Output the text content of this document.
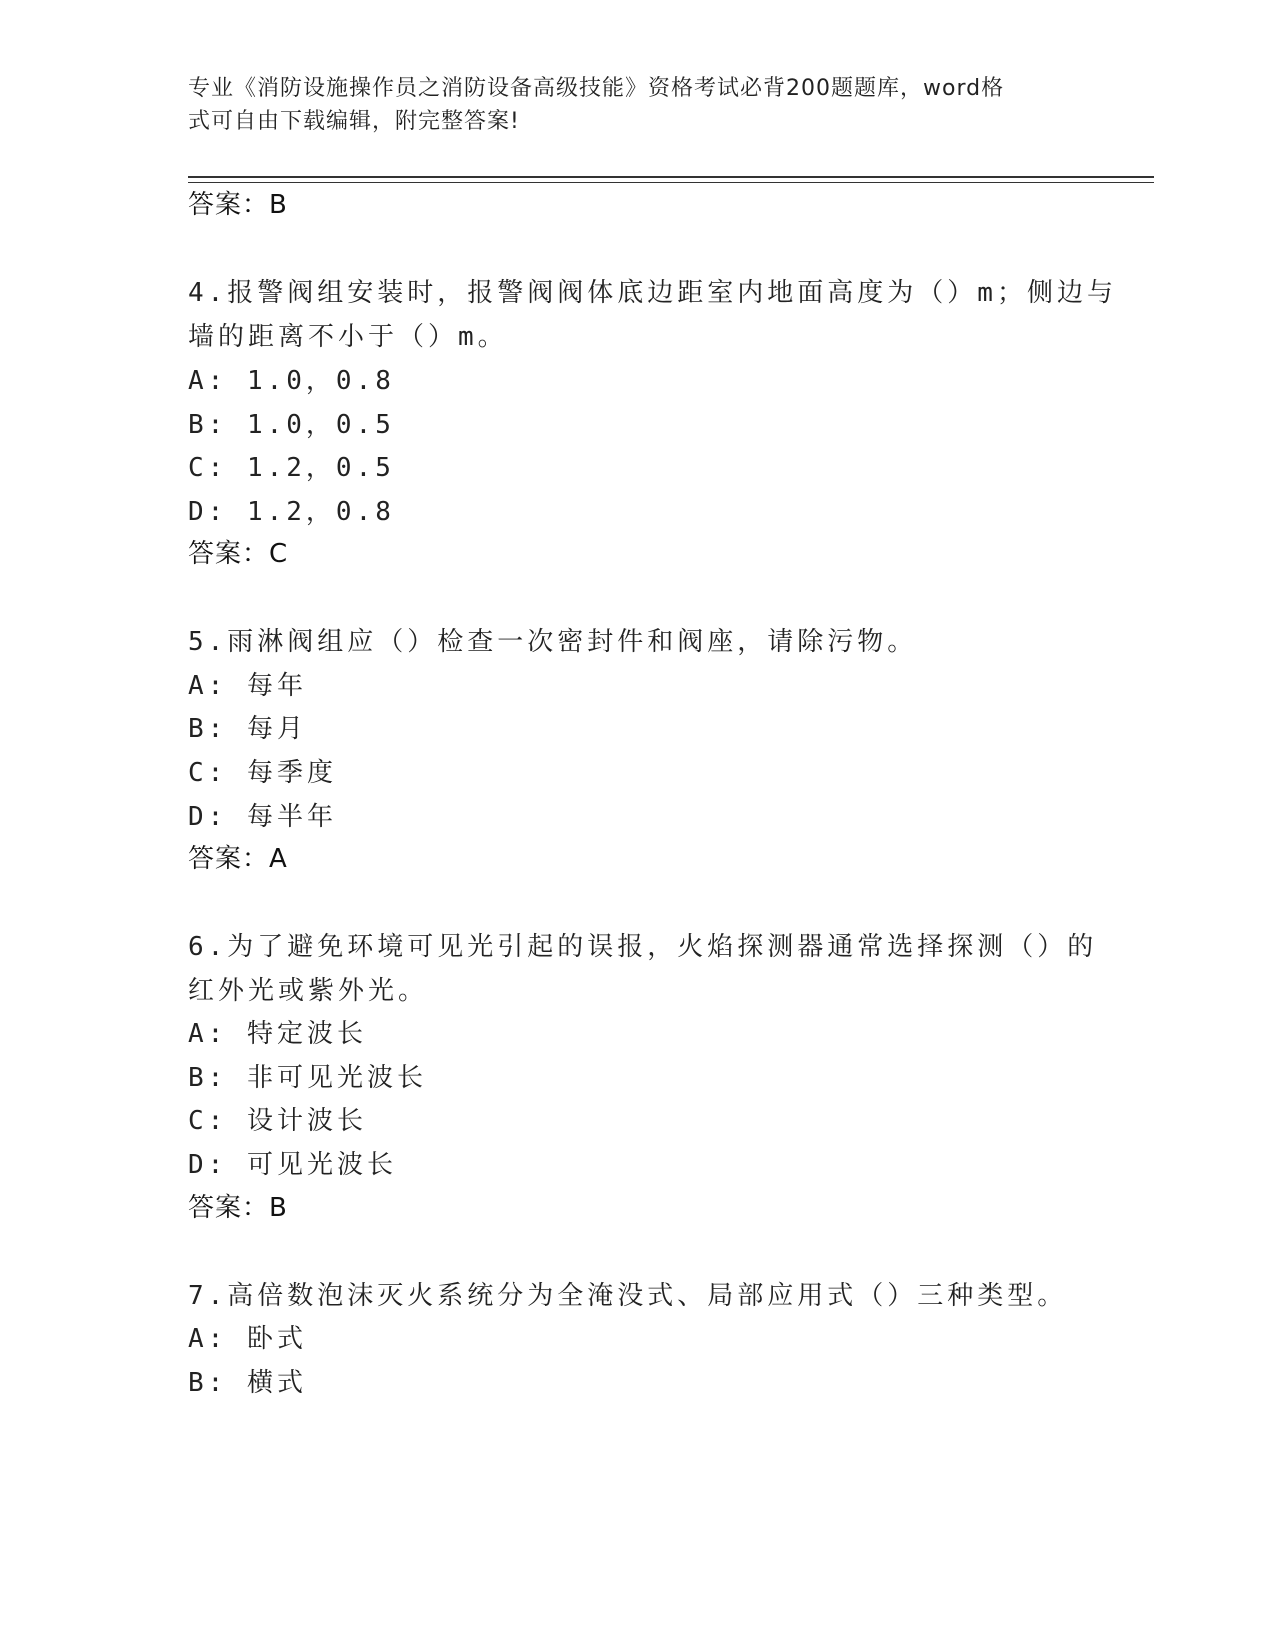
专业《消防设施操作员之消防设备高级技能》资格考试必背200题题库，word格
式可自由下载编辑，附完整答案!
答案：B
4.报警阀组安装时，报警阀阀体底边距室内地面高度为（）m；侧边与
墙的距离不小于（）m。
A: 1.0，0.8
B: 1.0，0.5
C: 1.2，0.5
D: 1.2，0.8
答案：C
5.雨淋阀组应（）检查一次密封件和阀座，请除污物。
A: 每年
B: 每月
C: 每季度
D: 每半年
答案：A
6.为了避免环境可见光引起的误报，火焰探测器通常选择探测（）的
红外光或紫外光。
A: 特定波长
B: 非可见光波长
C: 设计波长
D: 可见光波长
答案：B
7.高倍数泡沫灭火系统分为全淹没式、局部应用式（）三种类型。
A: 卧式
B: 横式
